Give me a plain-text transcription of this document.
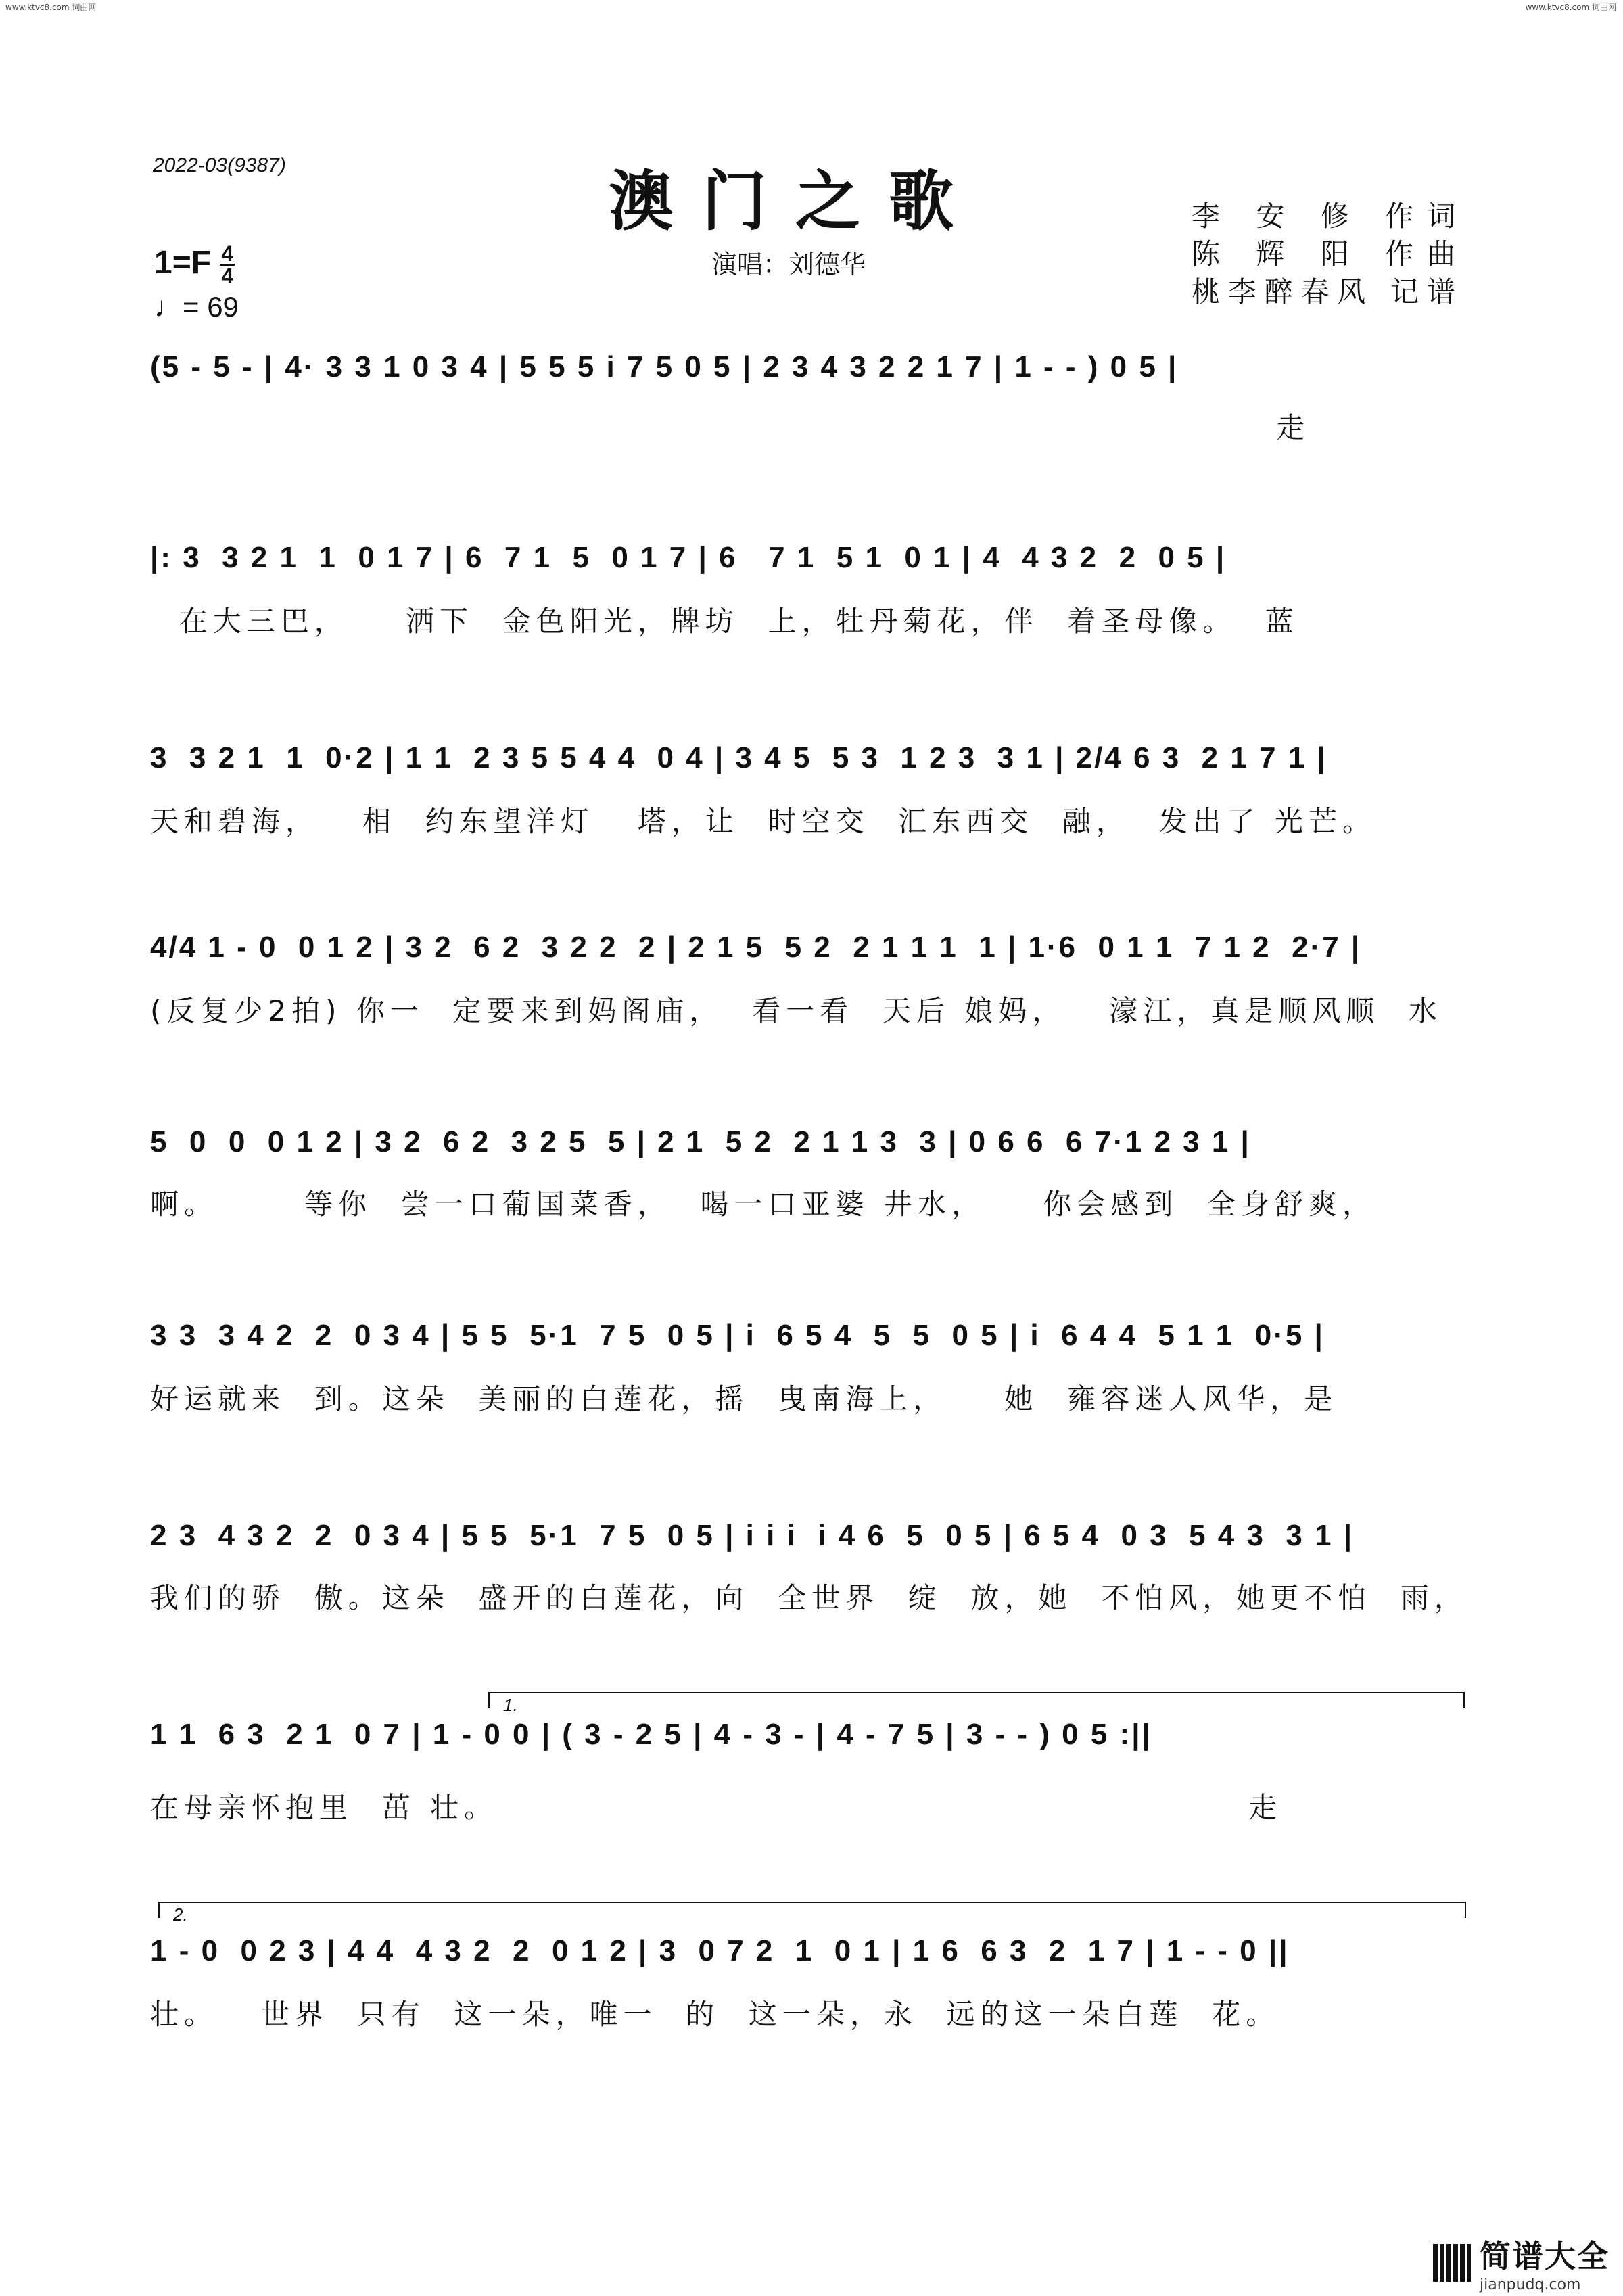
www.ktvc8.com 词曲网	www.ktvc8.com 词曲网
2022-03(9387)	澳门之歌
演唱：刘德华
李 安 修 作词
陈 辉 阳 作曲
桃李醉春风 记谱
$1=F \frac{4}{4}$
♩= 69
(5 - 5 - | 4· 3 3 1 0 3 4 | 5 5 5 i 7 5 0 5 | 2 3 4 3 2 2 1 7 | 1 - - ) 0 5 |
走
|: 3  3 2 1  1  0 1 7 | 6  7 1  5  0 1 7 | 6   7 1  5 1  0 1 | 4  4 3 2  2  0 5 |
在大三巴，    洒下  金色阳光，牌坊  上，牡丹菊花，伴  着圣母像。  蓝
3  3 2 1  1  0·2 | 1 1  2 3 5 5 4 4  0 4 | 3 4 5  5 3  1 2 3  3 1 | 2/4 6 3  2 1 7 1 |
天和碧海，   相  约东望洋灯   塔，让  时空交  汇东西交  融，  发出了 光芒。
4/4 1 - 0  0 1 2 | 3 2  6 2  3 2 2  2 | 2 1 5  5 2  2 1 1 1  1 | 1·6  0 1 1  7 1 2  2·7 |
(反复少2拍) 你一  定要来到妈阁庙，  看一看  天后 娘妈，   濠江，真是顺风顺  水
5  0  0  0 1 2 | 3 2  6 2  3 2 5  5 | 2 1  5 2  2 1 1 3  3 | 0 6 6  6 7·1 2 3 1 |
啊。      等你  尝一口葡国菜香，  喝一口亚婆 井水，    你会感到  全身舒爽，
3 3  3 4 2  2  0 3 4 | 5 5  5·1  7 5  0 5 | i  6 5 4  5  5  0 5 | i  6 4 4  5 1 1  0·5 |
好运就来  到。这朵  美丽的白莲花，摇  曳南海上，    她  雍容迷人风华，是
2 3  4 3 2  2  0 3 4 | 5 5  5·1  7 5  0 5 | i i i  i 4 6  5  0 5 | 6 5 4  0 3  5 4 3  3 1 |
我们的骄  傲。这朵  盛开的白莲花，向  全世界  绽  放，她  不怕风，她更不怕  雨，
1.
1 1  6 3  2 1  0 7 | 1 - 0 0 | ( 3 - 2 5 | 4 - 3 - | 4 - 7 5 | 3 - - ) 0 5 :||
在母亲怀抱里  茁 壮。                                                    走
2.
1 - 0  0 2 3 | 4 4  4 3 2  2  0 1 2 | 3  0 7 2  1  0 1 | 1 6  6 3  2  1 7 | 1 - - 0 ||
壮。   世界  只有  这一朵，唯一  的  这一朵，永  远的这一朵白莲  花。

简谱大全
jianpudq.com
